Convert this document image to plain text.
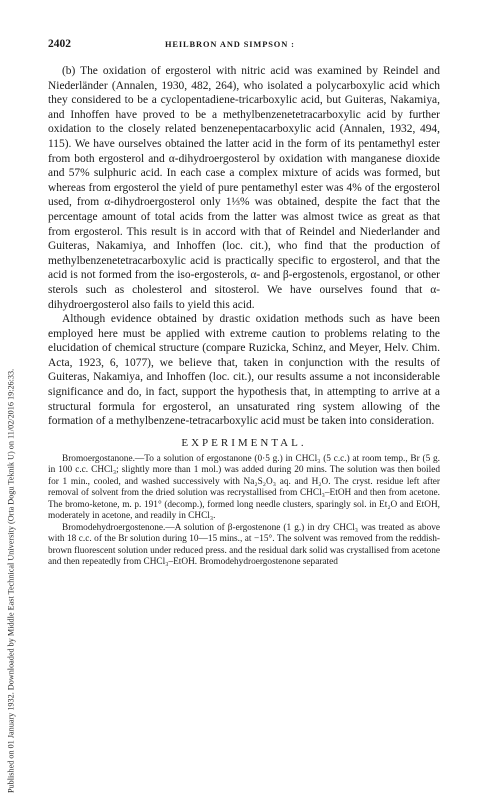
Published on 01 January 1932. Downloaded by Middle East Technical University (Orta Dogu Teknik U) on 11/02/2016 19:26:33.
2402	HEILBRON AND SIMPSON :

(b) The oxidation of ergosterol with nitric acid was examined by Reindel and Niederländer (Annalen, 1930, 482, 264), who isolated a polycarboxylic acid which they considered to be a cyclopentadiene-tricarboxylic acid, but Guiteras, Nakamiya, and Inhoffen have proved to be a methylbenzenetetracarboxylic acid by further oxidation to the closely related benzenepentacarboxylic acid (Annalen, 1932, 494, 115). We have ourselves obtained the latter acid in the form of its pentamethyl ester from both ergosterol and α-dihydroergosterol by oxidation with manganese dioxide and 57% sulphuric acid. In each case a complex mixture of acids was formed, but whereas from ergosterol the yield of pure pentamethyl ester was 4% of the ergosterol used, from α-dihydroergosterol only 1⅓% was obtained, despite the fact that the percentage amount of total acids from the latter was almost twice as great as that from ergosterol. This result is in accord with that of Reindel and Niederlander and Guiteras, Nakamiya, and Inhoffen (loc. cit.), who find that the production of methylbenzenetetracarboxylic acid is practically specific to ergosterol, and that the acid is not formed from the iso-ergosterols, α- and β-ergostenols, ergostanol, or other sterols such as cholesterol and sitosterol. We have ourselves found that α-dihydroergosterol also fails to yield this acid.

Although evidence obtained by drastic oxidation methods such as have been employed here must be applied with extreme caution to problems relating to the elucidation of chemical structure (compare Ruzicka, Schinz, and Meyer, Helv. Chim. Acta, 1923, 6, 1077), we believe that, taken in conjunction with the results of Guiteras, Nakamiya, and Inhoffen (loc. cit.), our results assume a not inconsiderable significance and do, in fact, support the hypothesis that, in attempting to arrive at a structural formula for ergosterol, an unsaturated ring system allowing of the formation of a methylbenzene-tetracarboxylic acid must be taken into consideration.

EXPERIMENTAL.

Bromoergostanone.—To a solution of ergostanone (0·5 g.) in CHCl₃ (5 c.c.) at room temp., Br (5 g. in 100 c.c. CHCl₃; slightly more than 1 mol.) was added during 20 mins. The solution was then boiled for 1 min., cooled, and washed successively with Na₂S₂O₃ aq. and H₂O. The cryst. residue left after removal of solvent from the dried solution was recrystallised from CHCl₃–EtOH and then from acetone. The bromo-ketone, m. p. 191° (decomp.), formed long needle clusters, sparingly sol. in Et₂O and EtOH, moderately in acetone, and readily in CHCl₃.

Bromodehydroergostenone.—A solution of β-ergostenone (1 g.) in dry CHCl₃ was treated as above with 18 c.c. of the Br solution during 10—15 mins., at −15°. The solvent was removed from the reddish-brown fluorescent solution under reduced press. and the residual dark solid was crystallised from acetone and then repeatedly from CHCl₃–EtOH. Bromodehydroergostenone separated
